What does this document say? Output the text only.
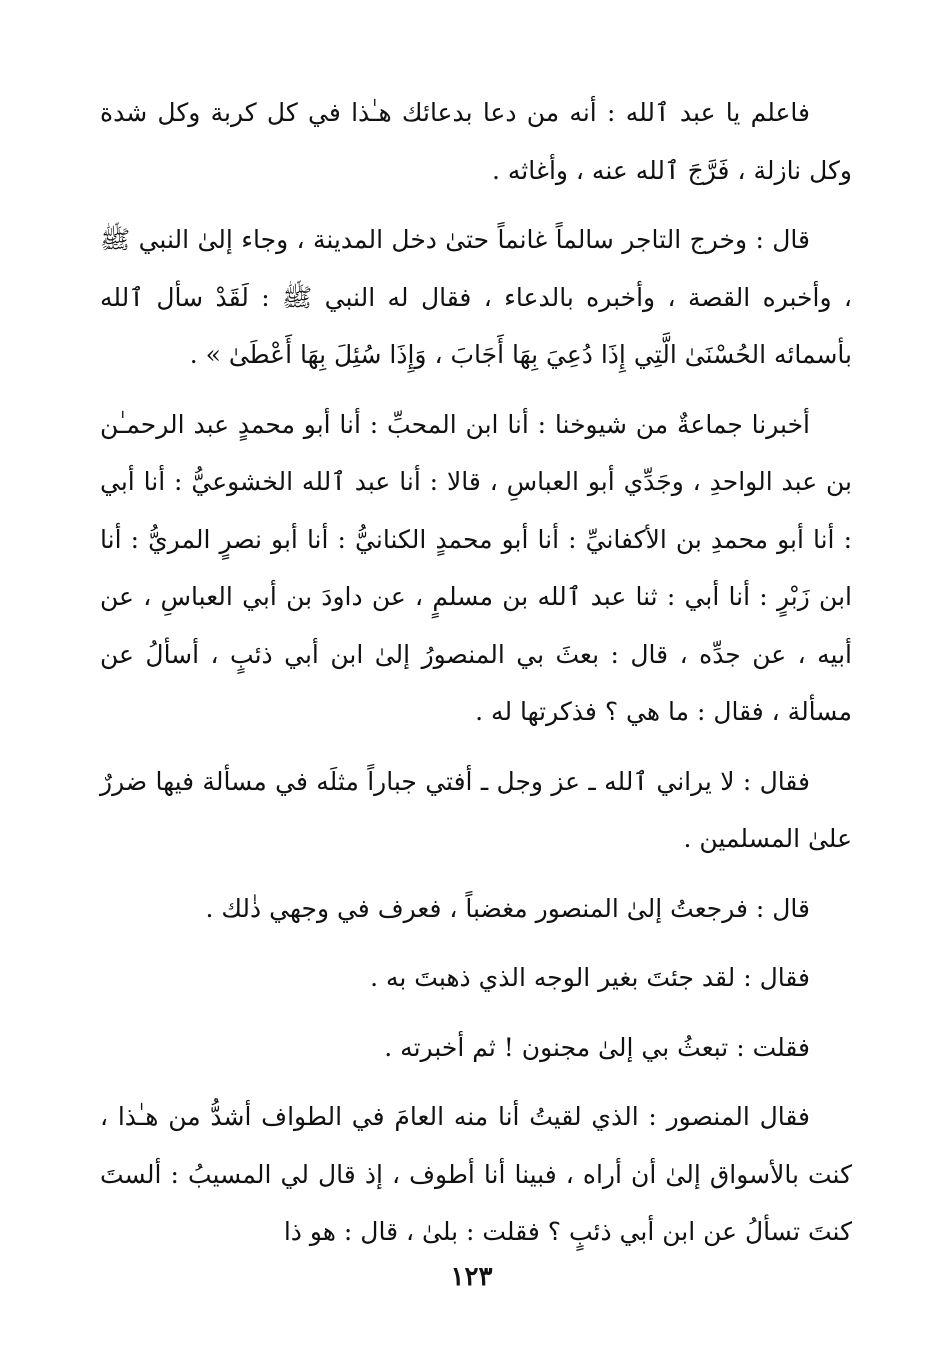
فاعلم يا عبد ٱلله : أنه من دعا بدعائك هـٰذا في كل كربة وكل شدة وكل نازلة ، فَرَّجَ ٱلله عنه ، وأغاثه .

قال : وخرج التاجر سالماً غانماً حتىٰ دخل المدينة ، وجاء إلىٰ النبي ﷺ ، وأخبره القصة ، وأخبره بالدعاء ، فقال له النبي ﷺ : لَقَدْ سأل ٱلله بأسمائه الحُسْنَىٰ الَّتِي إِذَا دُعِيَ بِهَا أَجَابَ ، وَإِذَا سُئِلَ بِهَا أَعْطَىٰ » .

أخبرنا جماعةٌ من شيوخنا : أنا ابن المحبِّ : أنا أبو محمدٍ عبد الرحمـٰن بن عبد الواحدِ ، وجَدِّي أبو العباسِ ، قالا : أنا عبد ٱلله الخشوعيُّ : أنا أبي : أنا أبو محمدِ بن الأكفانيِّ : أنا أبو محمدٍ الكنانيُّ : أنا أبو نصرٍ المريُّ : أنا ابن زَبْرٍ : أنا أبي : ثنا عبد ٱلله بن مسلمٍ ، عن داودَ بن أبي العباسِ ، عن أبيه ، عن جدِّه ، قال : بعثَ بي المنصورُ إلىٰ ابن أبي ذئبٍ ، أسألُ عن مسألة ، فقال : ما هي ؟ فذكرتها له .

فقال : لا يراني ٱلله ـ عز وجل ـ أفتي جباراً مثلَه في مسألة فيها ضررٌ علىٰ المسلمين .

قال : فرجعتُ إلىٰ المنصور مغضباً ، فعرف في وجهي ذٰلك .

فقال : لقد جئتَ بغير الوجه الذي ذهبتَ به .

فقلت : تبعثُ بي إلىٰ مجنون ! ثم أخبرته .

فقال المنصور : الذي لقيتُ أنا منه العامَ في الطواف أشدُّ من هـٰذا ، كنت بالأسواق إلىٰ أن أراه ، فبينا أنا أطوف ، إذ قال لي المسيبُ : ألستَ كنتَ تسألُ عن ابن أبي ذئبٍ ؟ فقلت : بلىٰ ، قال : هو ذا

١٢٣
